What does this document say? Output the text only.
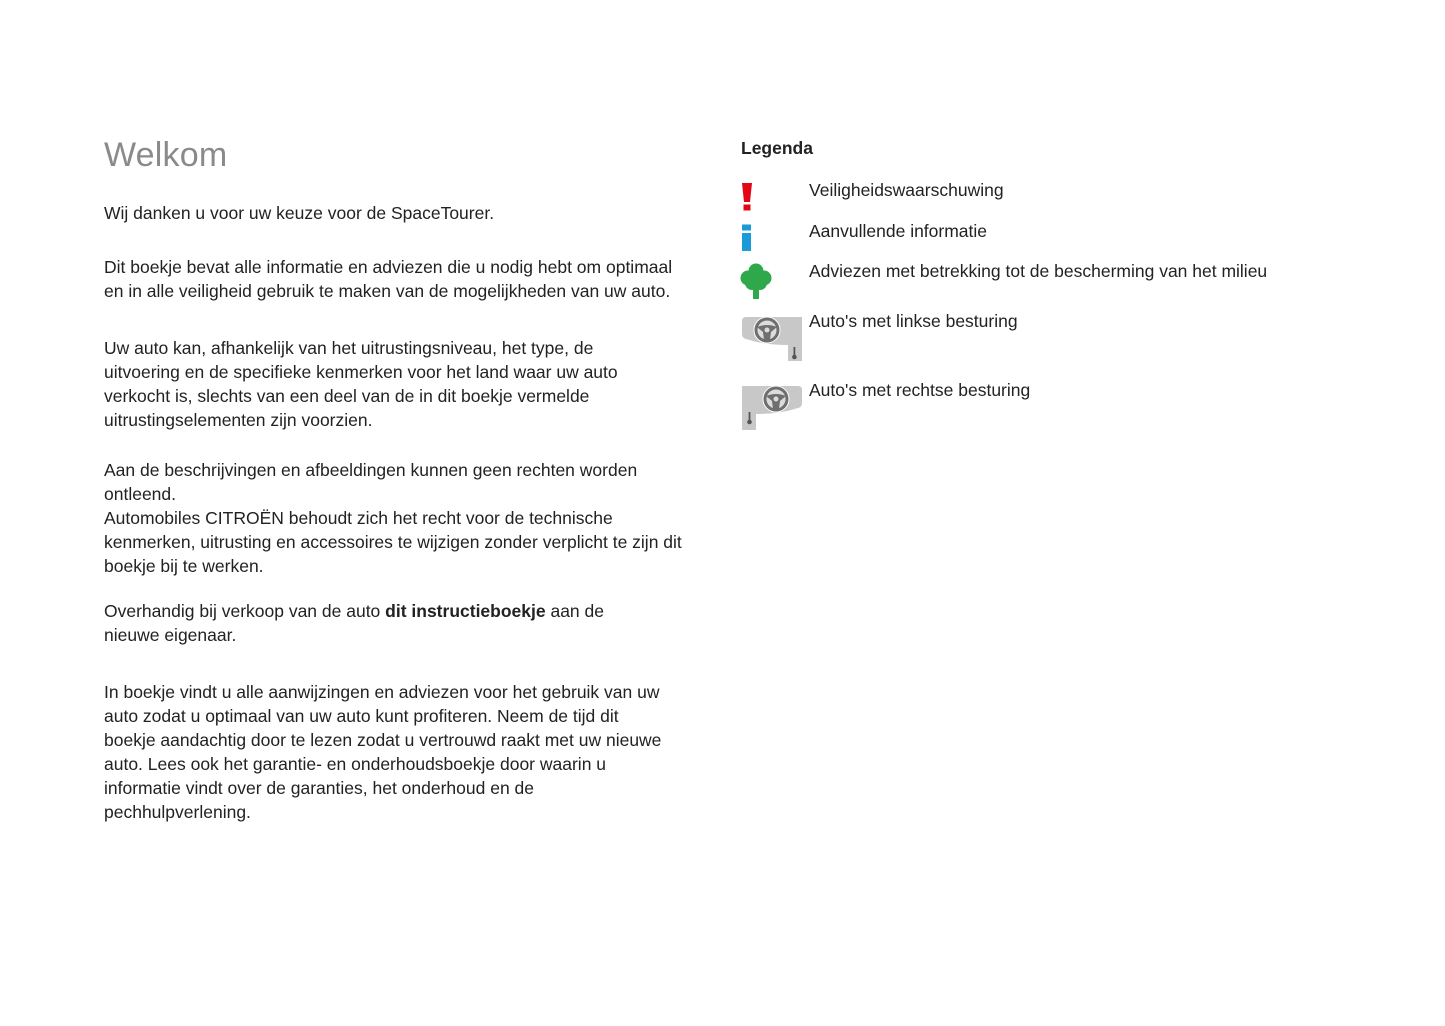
Welkom

Wij danken u voor uw keuze voor de SpaceTourer.

Dit boekje bevat alle informatie en adviezen die u nodig hebt om optimaal en in alle veiligheid gebruik te maken van de mogelijkheden van uw auto.

Uw auto kan, afhankelijk van het uitrustingsniveau, het type, de uitvoering en de specifieke kenmerken voor het land waar uw auto verkocht is, slechts van een deel van de in dit boekje vermelde uitrustingselementen zijn voorzien.

Aan de beschrijvingen en afbeeldingen kunnen geen rechten worden ontleend.
Automobiles CITROËN behoudt zich het recht voor de technische kenmerken, uitrusting en accessoires te wijzigen zonder verplicht te zijn dit boekje bij te werken.

Overhandig bij verkoop van de auto dit instructieboekje aan de nieuwe eigenaar.

In boekje vindt u alle aanwijzingen en adviezen voor het gebruik van uw auto zodat u optimaal van uw auto kunt profiteren. Neem de tijd dit boekje aandachtig door te lezen zodat u vertrouwd raakt met uw nieuwe auto. Lees ook het garantie- en onderhoudsboekje door waarin u informatie vindt over de garanties, het onderhoud en de pechhulpverlening.

Legenda
Veiligheidswaarschuwing
Aanvullende informatie
Adviezen met betrekking tot de bescherming van het milieu
Auto's met linkse besturing
Auto's met rechtse besturing
